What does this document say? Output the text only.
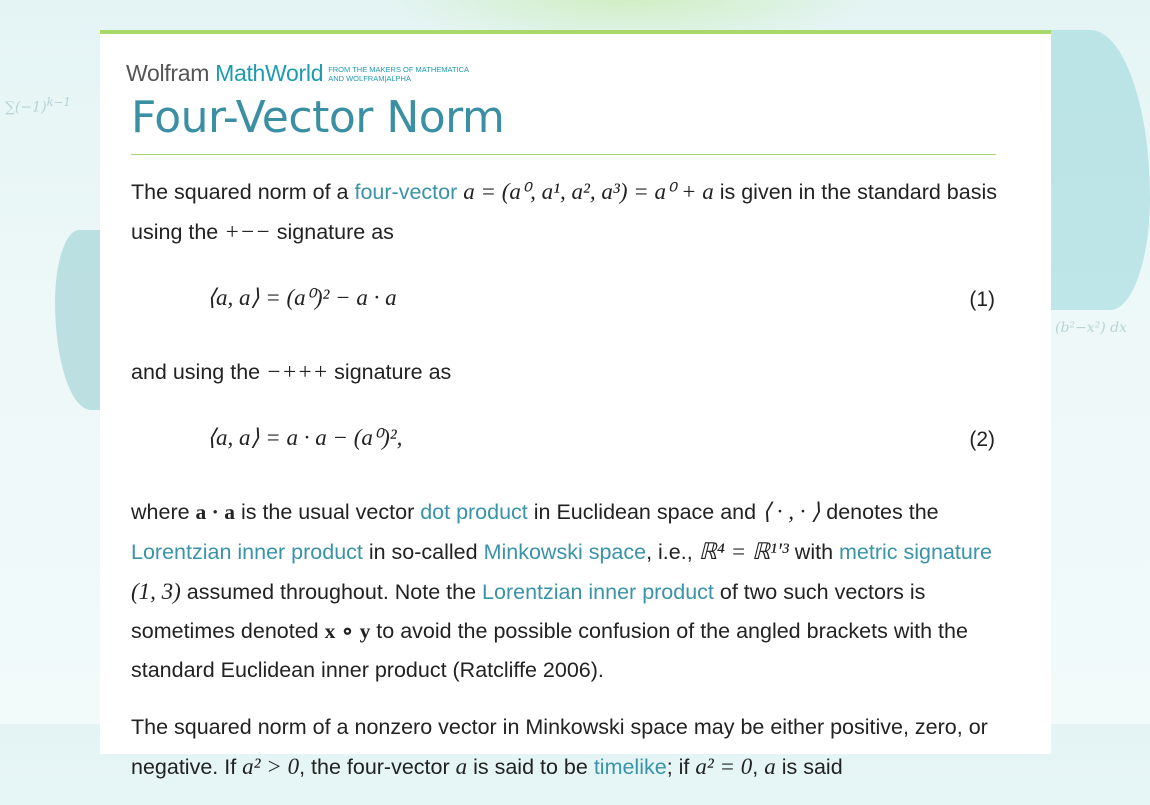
$\sum(-1)^{k-1}$
(b²−x²) dx
Wolfram MathWorld FROM THE MAKERS OF MATHEMATICA
AND WOLFRAM|ALPHA
Four-Vector Norm

The squared norm of a four-vector a = (a⁰, a¹, a², a³) = a⁰ + a is given in the standard basis using the +−− signature as

⟨a, a⟩ = (a⁰)² − a · a	(1)

and using the −+++ signature as

⟨a, a⟩ = a · a − (a⁰)²,	(2)

where a · a is the usual vector dot product in Euclidean space and ⟨ · , · ⟩ denotes the Lorentzian inner product in so-called Minkowski space, i.e., ℝ⁴ = ℝ¹'³ with metric signature (1, 3) assumed throughout. Note the Lorentzian inner product of two such vectors is sometimes denoted x ∘ y to avoid the possible confusion of the angled brackets with the standard Euclidean inner product (Ratcliffe 2006).

The squared norm of a nonzero vector in Minkowski space may be either positive, zero, or negative. If a² > 0, the four-vector a is said to be timelike; if a² = 0, a is said
